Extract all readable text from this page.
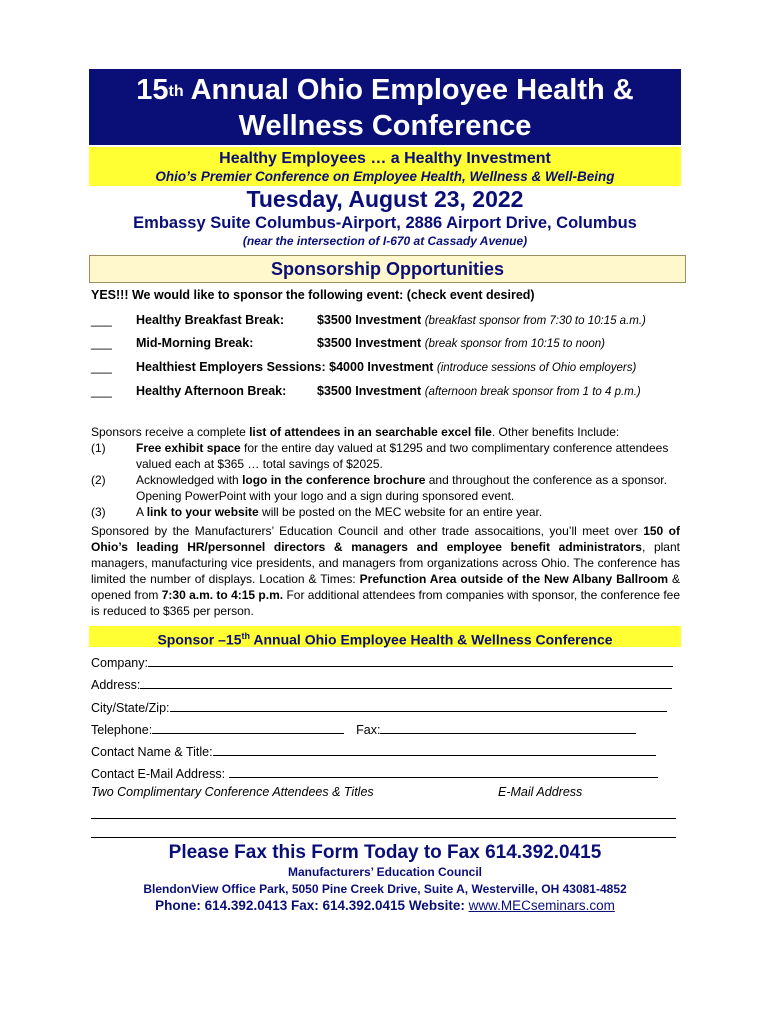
15th Annual Ohio Employee Health &
Wellness Conference
Healthy Employees … a Healthy Investment
Ohio’s Premier Conference on Employee Health, Wellness & Well-Being
Tuesday, August 23, 2022
Embassy Suite Columbus-Airport, 2886 Airport Drive, Columbus
(near the intersection of I-670 at Cassady Avenue)
Sponsorship Opportunities
YES!!! We would like to sponsor the following event: (check event desired)
___ Healthy Breakfast Break:	$3500 Investment (breakfast sponsor from 7:30 to 10:15 a.m.)
___ Mid-Morning Break:	$3500 Investment (break sponsor from 10:15 to noon)
___ Healthiest Employers Sessions: $4000 Investment (introduce sessions of Ohio employers)
___ Healthy Afternoon Break: $3500 Investment (afternoon break sponsor from 1 to 4 p.m.)
Sponsors receive a complete list of attendees in an searchable excel file. Other benefits Include:
(1)	Free exhibit space for the entire day valued at $1295 and two complimentary conference attendees valued each at $365 … total savings of $2025.
(2)	Acknowledged with logo in the conference brochure and throughout the conference as a sponsor. Opening PowerPoint with your logo and a sign during sponsored event.
(3)	A link to your website will be posted on the MEC website for an entire year.
Sponsored by the Manufacturers’ Education Council and other trade assocaitions, you’ll meet over 150 of Ohio’s leading HR/personnel directors & managers and employee benefit administrators, plant managers, manufacturing vice presidents, and managers from organizations across Ohio. The conference has limited the number of displays. Location & Times: Prefunction Area outside of the New Albany Ballroom & opened from 7:30 a.m. to 4:15 p.m. For additional attendees from companies with sponsor, the conference fee is reduced to $365 per person.
Sponsor –15th Annual Ohio Employee Health & Wellness Conference
Company:
Address:
City/State/Zip:
Telephone:	Fax:
Contact Name & Title:
Contact E-Mail Address:
Two Complimentary Conference Attendees & Titles	E-Mail Address
Please Fax this Form Today to Fax 614.392.0415
Manufacturers’ Education Council
BlendonView Office Park, 5050 Pine Creek Drive, Suite A, Westerville, OH 43081-4852
Phone: 614.392.0413 Fax: 614.392.0415 Website: www.MECseminars.com
